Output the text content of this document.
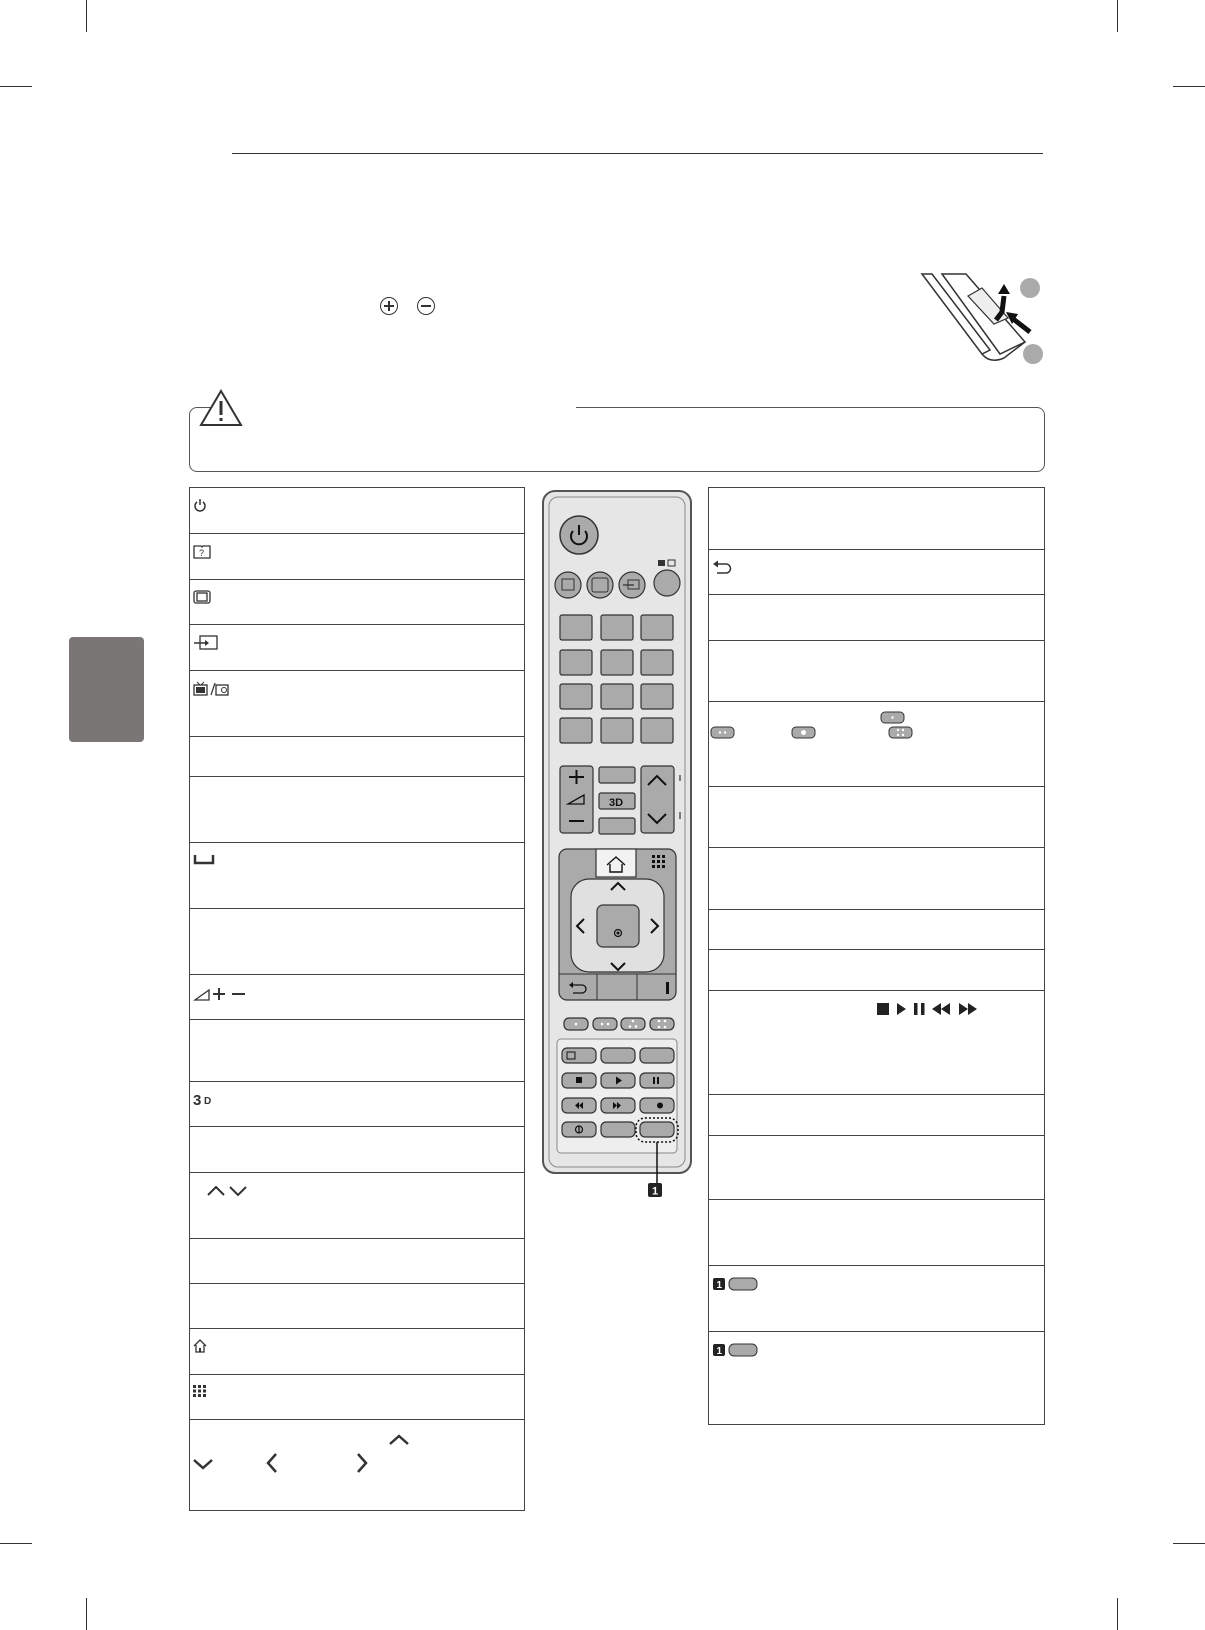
?
3 D
1
1
3D
1
